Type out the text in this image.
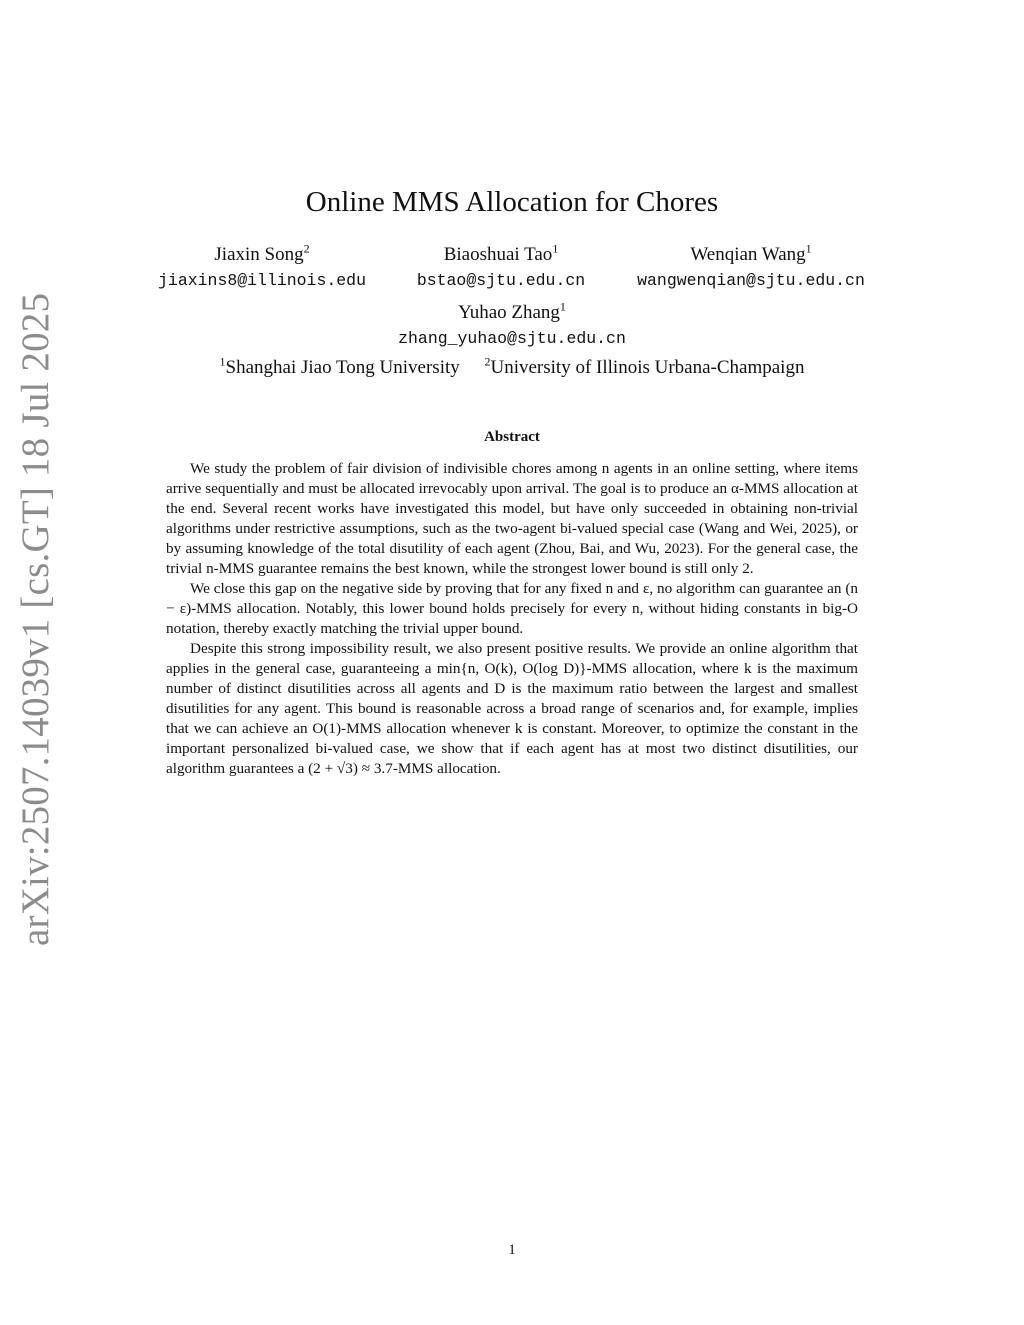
arXiv:2507.14039v1 [cs.GT] 18 Jul 2025
Online MMS Allocation for Chores
Jiaxin Song$^2$
jiaxins8@illinois.edu
Biaoshuai Tao$^1$
bstao@sjtu.edu.cn
Wenqian Wang$^1$
wangwenqian@sjtu.edu.cn
Yuhao Zhang$^1$
zhang_yuhao@sjtu.edu.cn
$^1$Shanghai Jiao Tong University $^2$University of Illinois Urbana-Champaign
Abstract

We study the problem of fair division of indivisible chores among n agents in an online setting, where items arrive sequentially and must be allocated irrevocably upon arrival. The goal is to produce an α-MMS allocation at the end. Several recent works have investigated this model, but have only succeeded in obtaining non-trivial algorithms under restrictive assumptions, such as the two-agent bi-valued special case (Wang and Wei, 2025), or by assuming knowledge of the total disutility of each agent (Zhou, Bai, and Wu, 2023). For the general case, the trivial n-MMS guarantee remains the best known, while the strongest lower bound is still only 2.

We close this gap on the negative side by proving that for any fixed n and ε, no algorithm can guarantee an (n − ε)-MMS allocation. Notably, this lower bound holds precisely for every n, without hiding constants in big-O notation, thereby exactly matching the trivial upper bound.

Despite this strong impossibility result, we also present positive results. We provide an online algorithm that applies in the general case, guaranteeing a min{n, O(k), O(log D)}-MMS allocation, where k is the maximum number of distinct disutilities across all agents and D is the maximum ratio between the largest and smallest disutilities for any agent. This bound is reasonable across a broad range of scenarios and, for example, implies that we can achieve an O(1)-MMS allocation whenever k is constant. Moreover, to optimize the constant in the important personalized bi-valued case, we show that if each agent has at most two distinct disutilities, our algorithm guarantees a (2 + √3) ≈ 3.7-MMS allocation.

1
